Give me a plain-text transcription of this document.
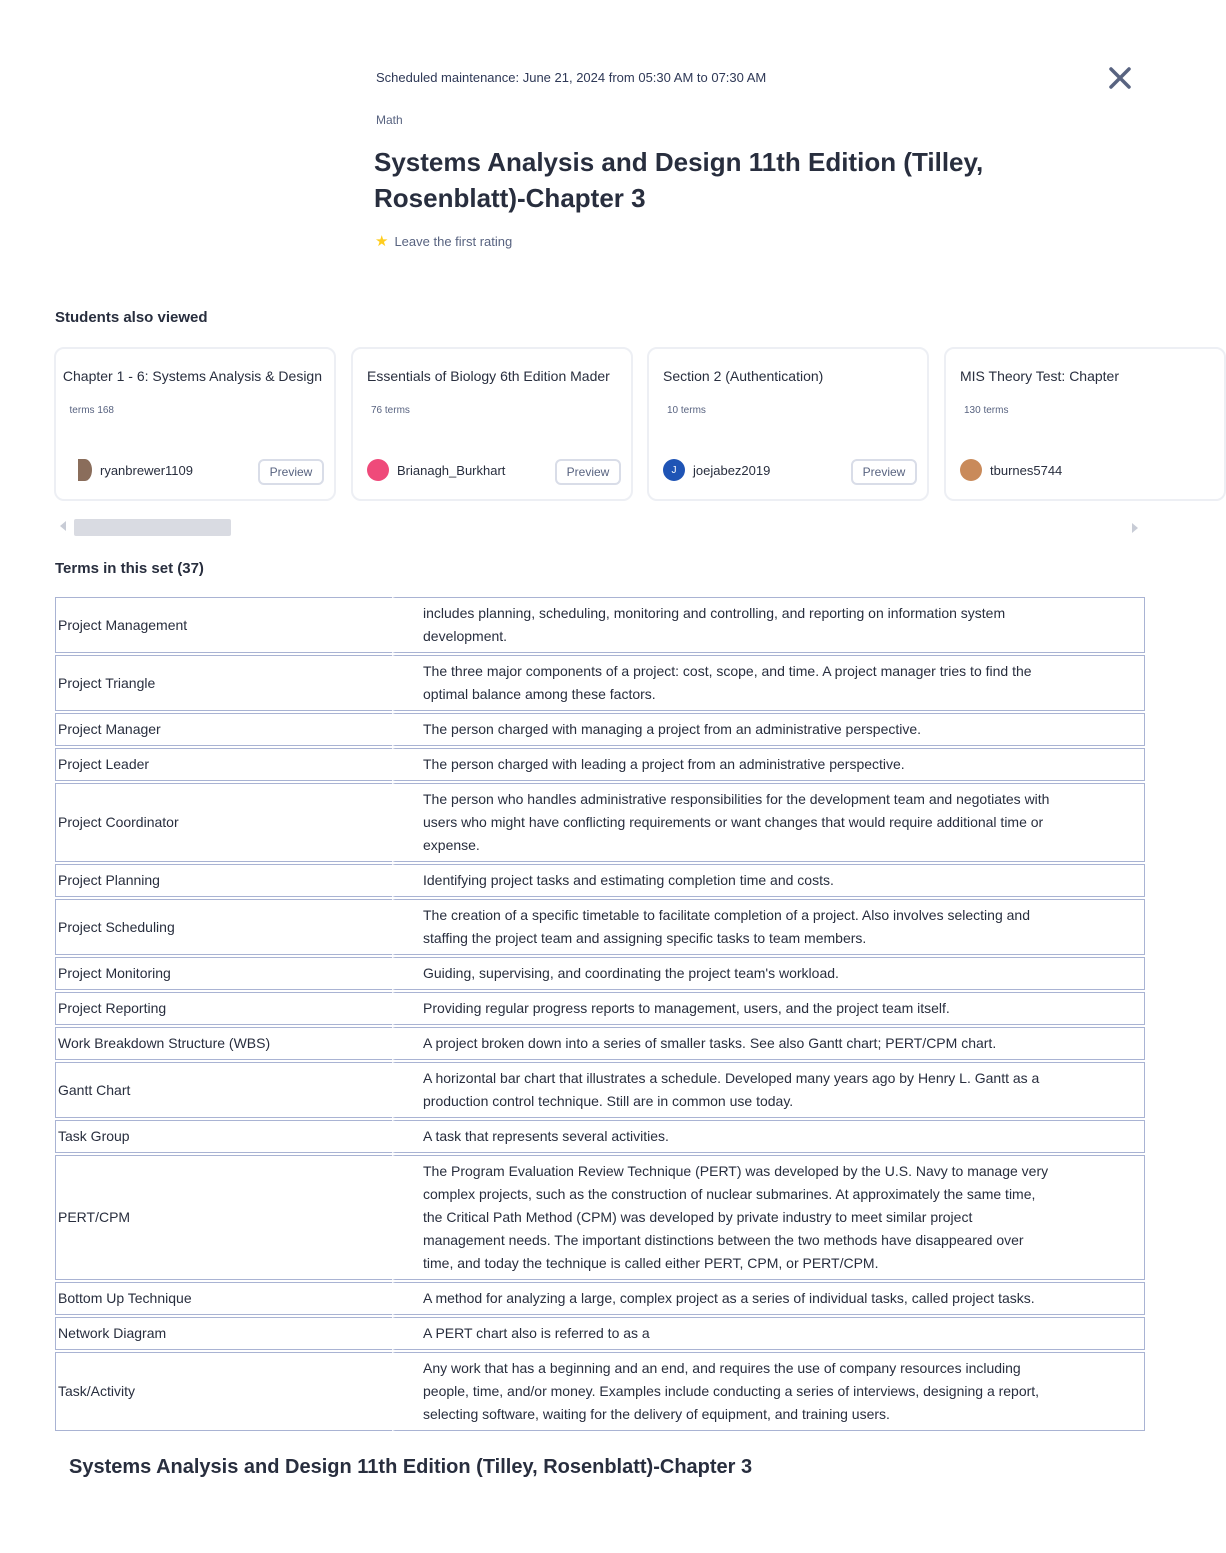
Scheduled maintenance: June 21, 2024 from 05:30 AM to 07:30 AM
Math
Systems Analysis and Design 11th Edition (Tilley, Rosenblatt)-Chapter 3
★ Leave the first rating
Students also viewed
Chapter 1 - 6: Systems Analysis & Design
168 terms
ryanbrewer1109	Preview
Essentials of Biology 6th Edition Mader
76 terms
Brianagh_Burkhart	Preview
Section 2 (Authentication)
10 terms
J	joejabez2019	Preview
MIS Theory Test: Chapter
130 terms
tburnes5744
Terms in this set (37)
Project Management	includes planning, scheduling, monitoring and controlling, and reporting on information system development.

Project Triangle	The three major components of a project: cost, scope, and time. A project manager tries to find the optimal balance among these factors.

Project Manager	The person charged with managing a project from an administrative perspective.

Project Leader	The person charged with leading a project from an administrative perspective.

Project Coordinator	The person who handles administrative responsibilities for the development team and negotiates with users who might have conflicting requirements or want changes that would require additional time or expense.

Project Planning	Identifying project tasks and estimating completion time and costs.

Project Scheduling	The creation of a specific timetable to facilitate completion of a project. Also involves selecting and staffing the project team and assigning specific tasks to team members.

Project Monitoring	Guiding, supervising, and coordinating the project team's workload.

Project Reporting	Providing regular progress reports to management, users, and the project team itself.

Work Breakdown Structure (WBS)	A project broken down into a series of smaller tasks. See also Gantt chart; PERT/CPM chart.

Gantt Chart	A horizontal bar chart that illustrates a schedule. Developed many years ago by Henry L. Gantt as a production control technique. Still are in common use today.

Task Group	A task that represents several activities.

PERT/CPM	The Program Evaluation Review Technique (PERT) was developed by the U.S. Navy to manage very complex projects, such as the construction of nuclear submarines. At approximately the same time, the Critical Path Method (CPM) was developed by private industry to meet similar project management needs. The important distinctions between the two methods have disappeared over time, and today the technique is called either PERT, CPM, or PERT/CPM.

Bottom Up Technique	A method for analyzing a large, complex project as a series of individual tasks, called project tasks.

Network Diagram	A PERT chart also is referred to as a

Task/Activity	Any work that has a beginning and an end, and requires the use of company resources including people, time, and/or money. Examples include conducting a series of interviews, designing a report, selecting software, waiting for the delivery of equipment, and training users.
Systems Analysis and Design 11th Edition (Tilley, Rosenblatt)-Chapter 3
